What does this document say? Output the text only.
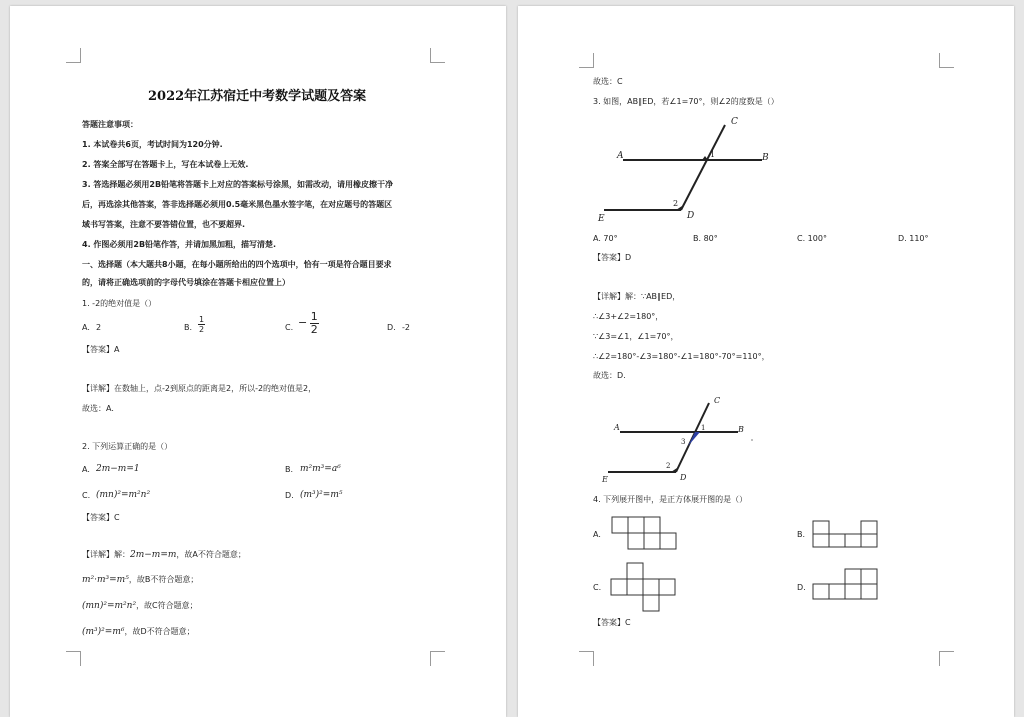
2022年江苏宿迁中考数学试题及答案
答题注意事项：
1. 本试卷共6页，考试时间为120分钟.
2. 答案全部写在答题卡上，写在本试卷上无效.
3. 答选择题必须用2B铅笔将答题卡上对应的答案标号涂黑，如需改动，请用橡皮擦干净
后，再选涂其他答案，答非选择题必须用0.5毫米黑色墨水签字笔，在对应题号的答题区
域书写答案，注意不要答错位置，也不要超界.
4. 作图必须用2B铅笔作答，并请加黑加粗，描写清楚.
一、选择题（本大题共8小题，在每小题所给出的四个选项中，恰有一项是符合题目要求
的，请将正确选项前的字母代号填涂在答题卡相应位置上）
1. -2的绝对值是（）
A. 2	B. $\frac{1}{2}$	C. − $\frac{1}{2}$	D. -2
【答案】A
【详解】在数轴上，点-2到原点的距离是2，所以-2的绝对值是2，
故选：A.
2. 下列运算正确的是（）
A. 2m−m=1	B. m²m³=a⁶
C. (mn)²=m²n²	D. (m³)²=m⁵
【答案】C
【详解】解：2m−m=m，故A不符合题意；
m²·m³=m⁵，故B不符合题意；
(mn)²=m²n²，故C符合题意；
(m³)²=m⁶，故D不符合题意；
故选：C
3. 如图，AB∥ED，若∠1=70°，则∠2的度数是（）
A	B
C
D
E
1
2
A. 70°	B. 80°	C. 100°	D. 110°
【答案】D
【详解】解：∵AB∥ED，
∴∠3+∠2=180°，
∵∠3=∠1，∠1=70°，
∴∠2=180°-∠3=180°-∠1=180°-70°=110°，
故选：D.
A	B
C
D
E
1
3
2
4. 下列展开图中，是正方体展开图的是（）
A.	B.
C.	D.
【答案】C
